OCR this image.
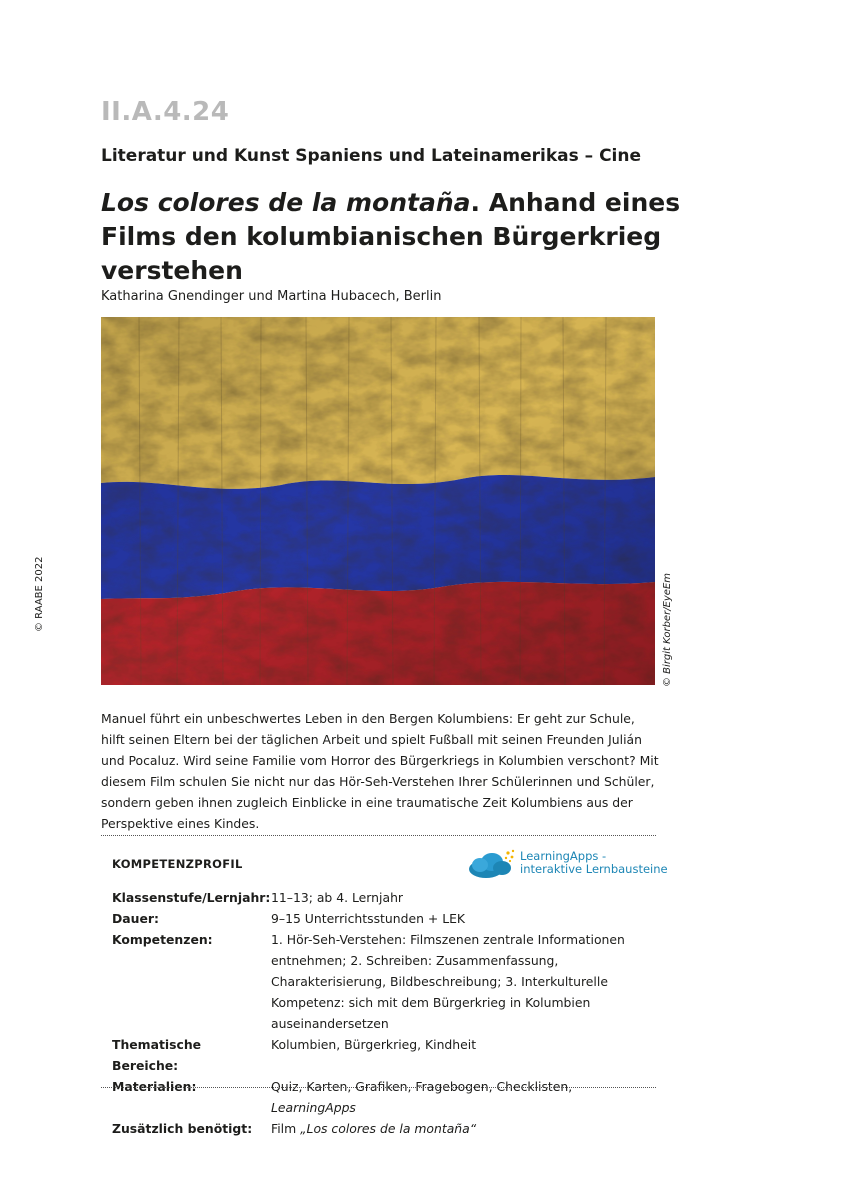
II.A.4.24
Literatur und Kunst Spaniens und Lateinamerikas – Cine
Los colores de la montaña. Anhand eines Films den kolumbianischen Bürgerkrieg verstehen
Katharina Gnendinger und Martina Hubacech, Berlin
© RAABE 2022	© Birgit Korber/EyeEm
Manuel führt ein unbeschwertes Leben in den Bergen Kolumbiens: Er geht zur Schule, hilft seinen Eltern bei der täglichen Arbeit und spielt Fußball mit seinen Freunden Julián und Pocaluz. Wird seine Familie vom Horror des Bürgerkriegs in Kolumbien verschont? Mit diesem Film schulen Sie nicht nur das Hör-Seh-Verstehen Ihrer Schülerinnen und Schüler, sondern geben ihnen zugleich Einblicke in eine traumatische Zeit Kolumbiens aus der Perspektive eines Kindes.
KOMPETENZPROFIL
LearningApps -
interaktive Lernbausteine
Klassenstufe/Lernjahr: 11–13; ab 4. Lernjahr
Dauer:	9–15 Unterrichtsstunden + LEK
Kompetenzen:	1. Hör-Seh-Verstehen: Filmszenen zentrale Informationen entnehmen; 2. Schreiben: Zusammenfassung, Charakterisierung, Bildbeschreibung; 3. Interkulturelle Kompetenz: sich mit dem Bürgerkrieg in Kolumbien auseinandersetzen
Thematische Bereiche:
Kolumbien, Bürgerkrieg, Kindheit
Materialien:	Quiz, Karten, Grafiken, Fragebogen, Checklisten, LearningApps
Zusätzlich benötigt:	Film „Los colores de la montaña“
